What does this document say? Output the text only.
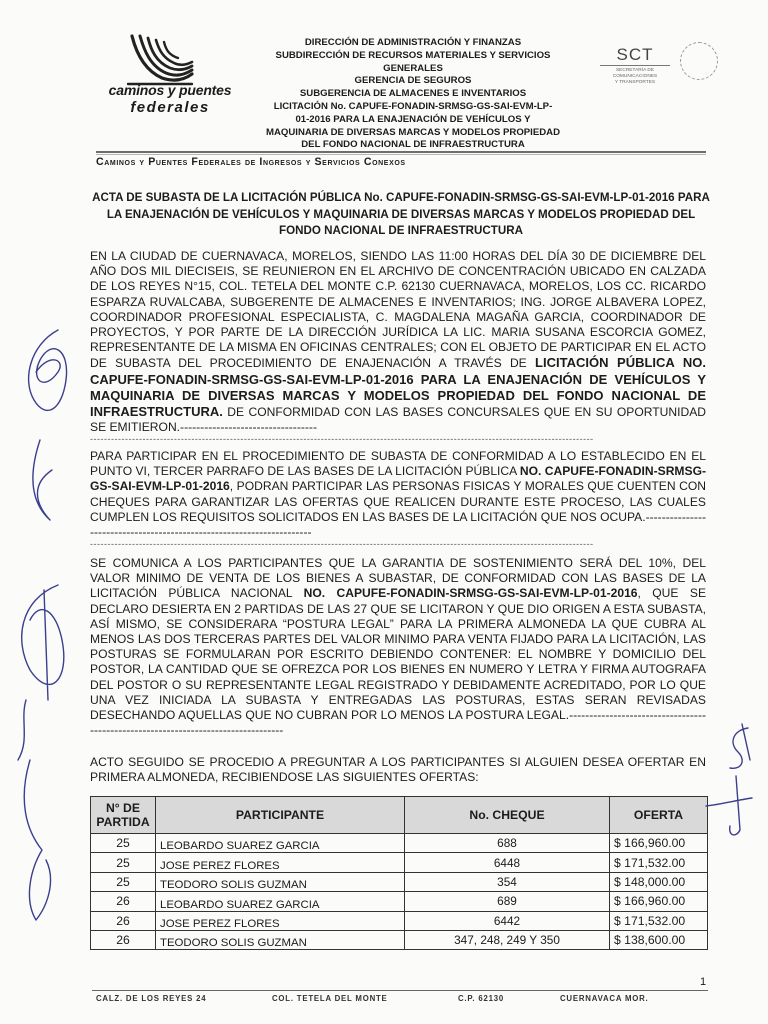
caminos y puentes
federales
DIRECCIÓN DE ADMINISTRACIÓN Y FINANZAS
SUBDIRECCIÓN DE RECURSOS MATERIALES Y SERVICIOS
GENERALES
GERENCIA DE SEGUROS
SUBGERENCIA DE ALMACENES E INVENTARIOS
LICITACIÓN No. CAPUFE-FONADIN-SRMSG-GS-SAI-EVM-LP-
01-2016 PARA LA ENAJENACIÓN DE VEHÍCULOS Y
MAQUINARIA DE DIVERSAS MARCAS Y MODELOS PROPIEDAD
DEL FONDO NACIONAL DE INFRAESTRUCTURA
SCT
SECRETARÍA DE
COMUNICACIONES
Y TRANSPORTES
Caminos y Puentes Federales de Ingresos y Servicios Conexos
ACTA DE SUBASTA DE LA LICITACIÓN PÚBLICA No. CAPUFE-FONADIN-SRMSG-GS-SAI-EVM-LP-01-2016 PARA LA ENAJENACIÓN DE VEHÍCULOS Y MAQUINARIA DE DIVERSAS MARCAS Y MODELOS PROPIEDAD DEL FONDO NACIONAL DE INFRAESTRUCTURA
EN LA CIUDAD DE CUERNAVACA, MORELOS, SIENDO LAS 11:00 HORAS DEL DÍA 30 DE DICIEMBRE DEL AÑO DOS MIL DIECISEIS, SE REUNIERON EN EL ARCHIVO DE CONCENTRACIÓN UBICADO EN CALZADA DE LOS REYES N°15, COL. TETELA DEL MONTE C.P. 62130 CUERNAVACA, MORELOS, LOS CC. RICARDO ESPARZA RUVALCABA, SUBGERENTE DE ALMACENES E INVENTARIOS; ING. JORGE ALBAVERA LOPEZ, COORDINADOR PROFESIONAL ESPECIALISTA, C. MAGDALENA MAGAÑA GARCIA, COORDINADOR DE PROYECTOS, Y POR PARTE DE LA DIRECCIÓN JURÍDICA LA LIC. MARIA SUSANA ESCORCIA GOMEZ, REPRESENTANTE DE LA MISMA EN OFICINAS CENTRALES; CON EL OBJETO DE PARTICIPAR EN EL ACTO DE SUBASTA DEL PROCEDIMIENTO DE ENAJENACIÓN A TRAVÉS DE LICITACIÓN PÚBLICA NO. CAPUFE-FONADIN-SRMSG-GS-SAI-EVM-LP-01-2016 PARA LA ENAJENACIÓN DE VEHÍCULOS Y MAQUINARIA DE DIVERSAS MARCAS Y MODELOS PROPIEDAD DEL FONDO NACIONAL DE INFRAESTRUCTURA. DE CONFORMIDAD CON LAS BASES CONCURSALES QUE EN SU OPORTUNIDAD SE EMITIERON.----------------------------------
------------------------------------------------------------------------------------------------------------------------------------------------
PARA PARTICIPAR EN EL PROCEDIMIENTO DE SUBASTA DE CONFORMIDAD A LO ESTABLECIDO EN EL PUNTO VI, TERCER PARRAFO DE LAS BASES DE LA LICITACIÓN PÚBLICA NO. CAPUFE-FONADIN-SRMSG-GS-SAI-EVM-LP-01-2016, PODRAN PARTICIPAR LAS PERSONAS FISICAS Y MORALES QUE CUENTEN CON CHEQUES PARA GARANTIZAR LAS OFERTAS QUE REALICEN DURANTE ESTE PROCESO, LAS CUALES CUMPLEN LOS REQUISITOS SOLICITADOS EN LAS BASES DE LA LICITACIÓN QUE NOS OCUPA.----------------------------------------------------------------------
------------------------------------------------------------------------------------------------------------------------------------------------
SE COMUNICA A LOS PARTICIPANTES QUE LA GARANTIA DE SOSTENIMIENTO SERÁ DEL 10%, DEL VALOR MINIMO DE VENTA DE LOS BIENES A SUBASTAR, DE CONFORMIDAD CON LAS BASES DE LA LICITACIÓN PÚBLICA NACIONAL NO. CAPUFE-FONADIN-SRMSG-GS-SAI-EVM-LP-01-2016, QUE SE DECLARO DESIERTA EN 2 PARTIDAS DE LAS 27 QUE SE LICITARON Y QUE DIO ORIGEN A ESTA SUBASTA, ASÍ MISMO, SE CONSIDERARA “POSTURA LEGAL” PARA LA PRIMERA ALMONEDA LA QUE CUBRA AL MENOS LAS DOS TERCERAS PARTES DEL VALOR MINIMO PARA VENTA FIJADO PARA LA LICITACIÓN, LAS POSTURAS SE FORMULARAN POR ESCRITO DEBIENDO CONTENER: EL NOMBRE Y DOMICILIO DEL POSTOR, LA CANTIDAD QUE SE OFREZCA POR LOS BIENES EN NUMERO Y LETRA Y FIRMA AUTOGRAFA DEL POSTOR O SU REPRESENTANTE LEGAL REGISTRADO Y DEBIDAMENTE ACREDITADO, POR LO QUE UNA VEZ INICIADA LA SUBASTA Y ENTREGADAS LAS POSTURAS, ESTAS SERAN REVISADAS DESECHANDO AQUELLAS QUE NO CUBRAN POR LO MENOS LA POSTURA LEGAL.----------------------------------------------------------------------------------
ACTO SEGUIDO SE PROCEDIO A PREGUNTAR A LOS PARTICIPANTES SI ALGUIEN DESEA OFERTAR EN PRIMERA ALMONEDA, RECIBIENDOSE LAS SIGUIENTES OFERTAS:
N° DE PARTIDA	PARTICIPANTE	No. CHEQUE	OFERTA
25	LEOBARDO SUAREZ GARCIA	688	$ 166,960.00
25	JOSE PEREZ FLORES	6448	$ 171,532.00
25	TEODORO SOLIS GUZMAN	354	$ 148,000.00
26	LEOBARDO SUAREZ GARCIA	689	$ 166,960.00
26	JOSE PEREZ FLORES	6442	$ 171,532.00
26	TEODORO SOLIS GUZMAN	347, 248, 249 Y 350	$ 138,600.00
1
CALZ. DE LOS REYES 24	COL. TETELA DEL MONTE	C.P. 62130	CUERNAVACA MOR.
